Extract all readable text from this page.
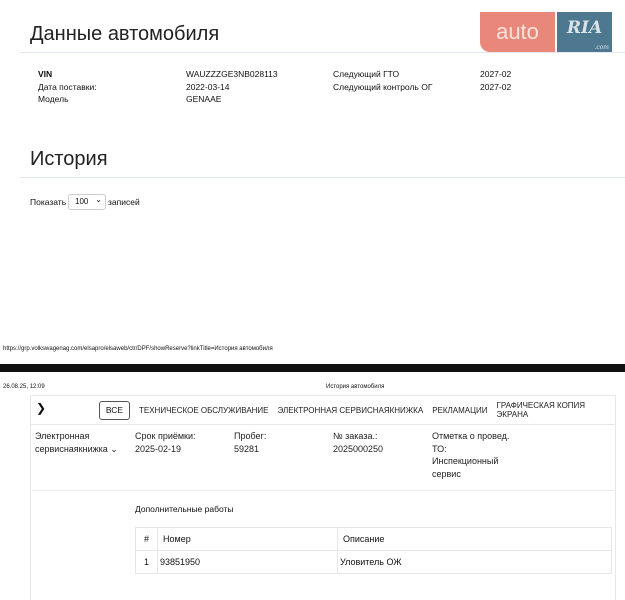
Данные автомобиля	auto	RIA
.com
VIN	WAUZZZGE3NB028113
Дата поставки:	2022-03-14
Модель	GENAAE
Следующий ГТО	2027-02
Следующий контроль ОГ	2027-02
История
Показать	100 ⌄ записей
https://grp.volkswagenag.com/elsapro/elsaweb/ctr/DPF/showReserve?linkTitle=История автомобиля
26.08.25, 12:09	История автомобиля
❯	ВСЕ	ТЕХНИЧЕСКОЕ ОБСЛУЖИВАНИЕ ЭЛЕКТРОННАЯ СЕРВИСНАЯКНИЖКА РЕКЛАМАЦИИ ГРАФИЧЕСКАЯ КОПИЯ ЭКРАНА
Электронная
сервиснаякнижка ⌄
Срок приёмки:
2025-02-19
Пробег:
59281
№ заказа.:
2025000250
Отметка о провед.
ТО:
Инспекционный
сервис
Дополнительные работы
#	Номер	Описание
1	93851950	Уловитель ОЖ
